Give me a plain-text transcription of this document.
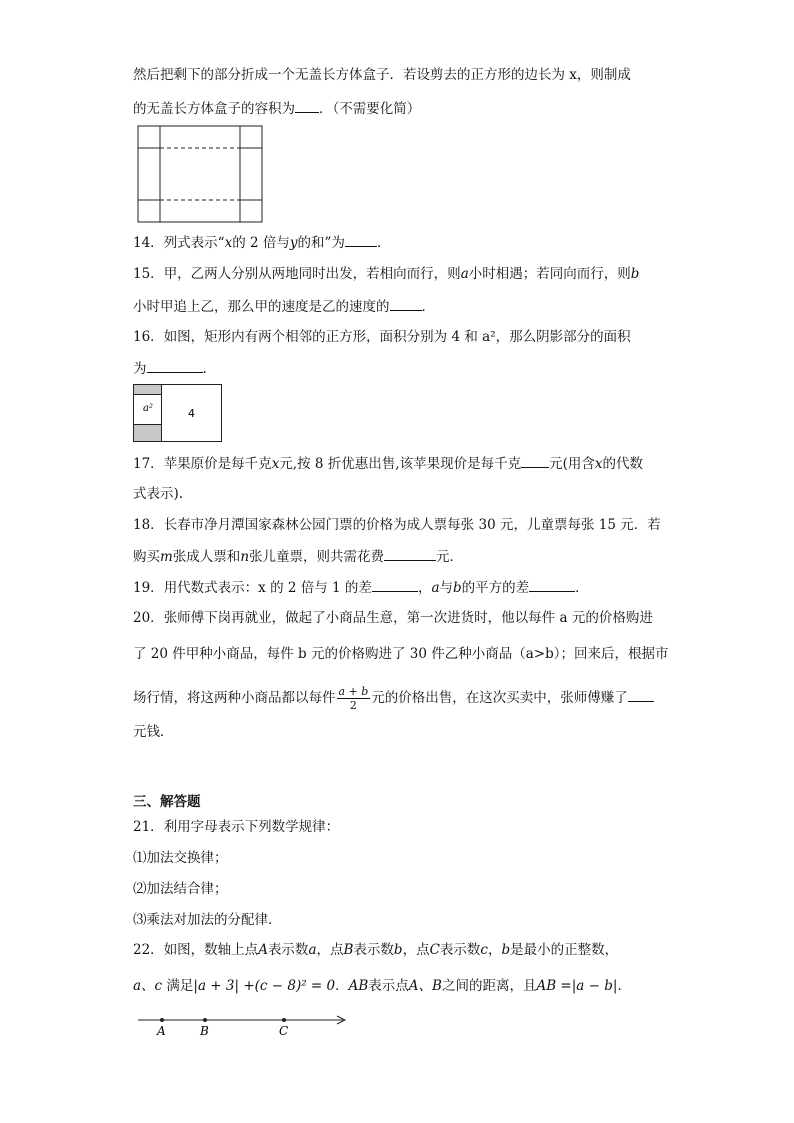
然后把剩下的部分折成一个无盖长方体盒子．若设剪去的正方形的边长为 x，则制成
的无盖长方体盒子的容积为 ．（不需要化简）
14．列式表示“x的 2 倍与y的和”为 ．
15．甲，乙两人分别从两地同时出发，若相向而行，则a小时相遇；若同向而行，则b
小时甲追上乙，那么甲的速度是乙的速度的 ．
16．如图，矩形内有两个相邻的正方形，面积分别为 4 和 a²，那么阴影部分的面积
为	.
a²	4
17．苹果原价是每千克x元,按 8 折优惠出售,该苹果现价是每千克 元(用含x的代数
式表示).
18．长春市净月潭国家森林公园门票的价格为成人票每张 30 元，儿童票每张 15 元．若
购买m张成人票和n张儿童票，则共需花费	元．
19．用代数式表示：x 的 2 倍与 1 的差	，a与b的平方的差	．
20．张师傅下岗再就业，做起了小商品生意，第一次进货时，他以每件 a 元的价格购进
了 20 件甲种小商品，每件 b 元的价格购进了 30 件乙种小商品（a>b）；回来后，根据市
场行情，将这两种小商品都以每件 $\frac{a + b}{2}$ 元的价格出售，在这次买卖中，张师傅赚了
元钱．
三、解答题
21．利用字母表示下列数学规律：
⑴加法交换律；
⑵加法结合律；
⑶乘法对加法的分配律．
22．如图，数轴上点A表示数a，点B表示数b，点C表示数c，b是最小的正整数，
a、c 满足|a + 3| +(c − 8)² = 0．AB表示点A、B之间的距离，且AB =|a − b|．
A	B	C
